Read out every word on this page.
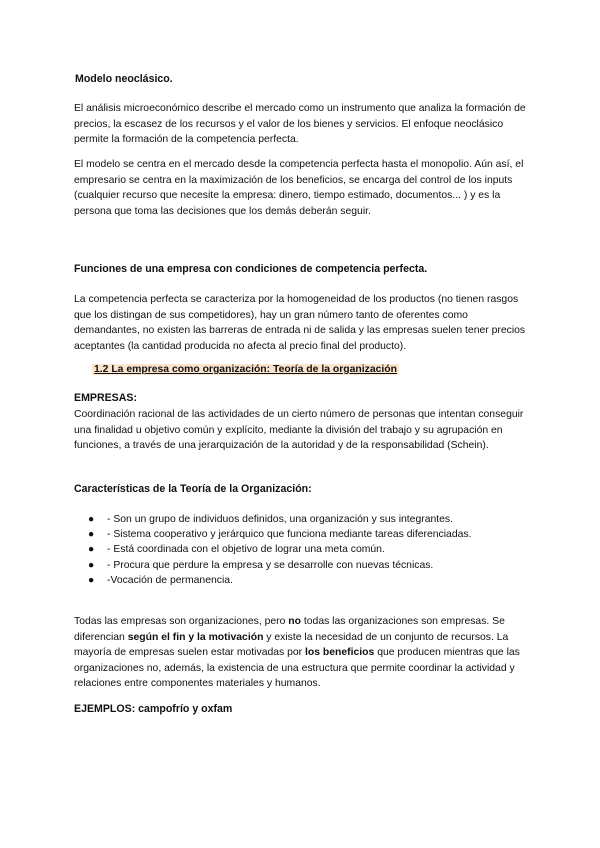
Modelo neoclásico.

El análisis microeconómico describe el mercado como un instrumento que analiza la formación de precios, la escasez de los recursos y el valor de los bienes y servicios. El enfoque neoclásico permite la formación de la competencia perfecta.

El modelo se centra en el mercado desde la competencia perfecta hasta el monopolio. Aún así, el empresario se centra en la maximización de los beneficios, se encarga del control de los inputs (cualquier recurso que necesite la empresa: dinero, tiempo estimado, documentos... ) y es la persona que toma las decisiones que los demás deberán seguir.

Funciones de una empresa con condiciones de competencia perfecta.

La competencia perfecta se caracteriza por la homogeneidad de los productos (no tienen rasgos que los distingan de sus competidores), hay un gran número tanto de oferentes como demandantes, no existen las barreras de entrada ni de salida y las empresas suelen tener precios aceptantes (la cantidad producida no afecta al precio final del producto).

1.2 La empresa como organización: Teoría de la organización
EMPRESAS:

Coordinación racional de las actividades de un cierto número de personas que intentan conseguir una finalidad u objetivo común y explícito, mediante la división del trabajo y su agrupación en funciones, a través de una jerarquización de la autoridad y de la responsabilidad (Schein).

Características de la Teoría de la Organización:
● - Son un grupo de individuos definidos, una organización y sus integrantes.
● - Sistema cooperativo y jerárquico que funciona mediante tareas diferenciadas.
● - Está coordinada con el objetivo de lograr una meta común.
● - Procura que perdure la empresa y se desarrolle con nuevas técnicas.
● -Vocación de permanencia.

Todas las empresas son organizaciones, pero no todas las organizaciones son empresas. Se diferencian según el fin y la motivación y existe la necesidad de un conjunto de recursos. La mayoría de empresas suelen estar motivadas por los beneficios que producen mientras que las organizaciones no, además, la existencia de una estructura que permite coordinar la actividad y relaciones entre componentes materiales y humanos.

EJEMPLOS: campofrío y oxfam
